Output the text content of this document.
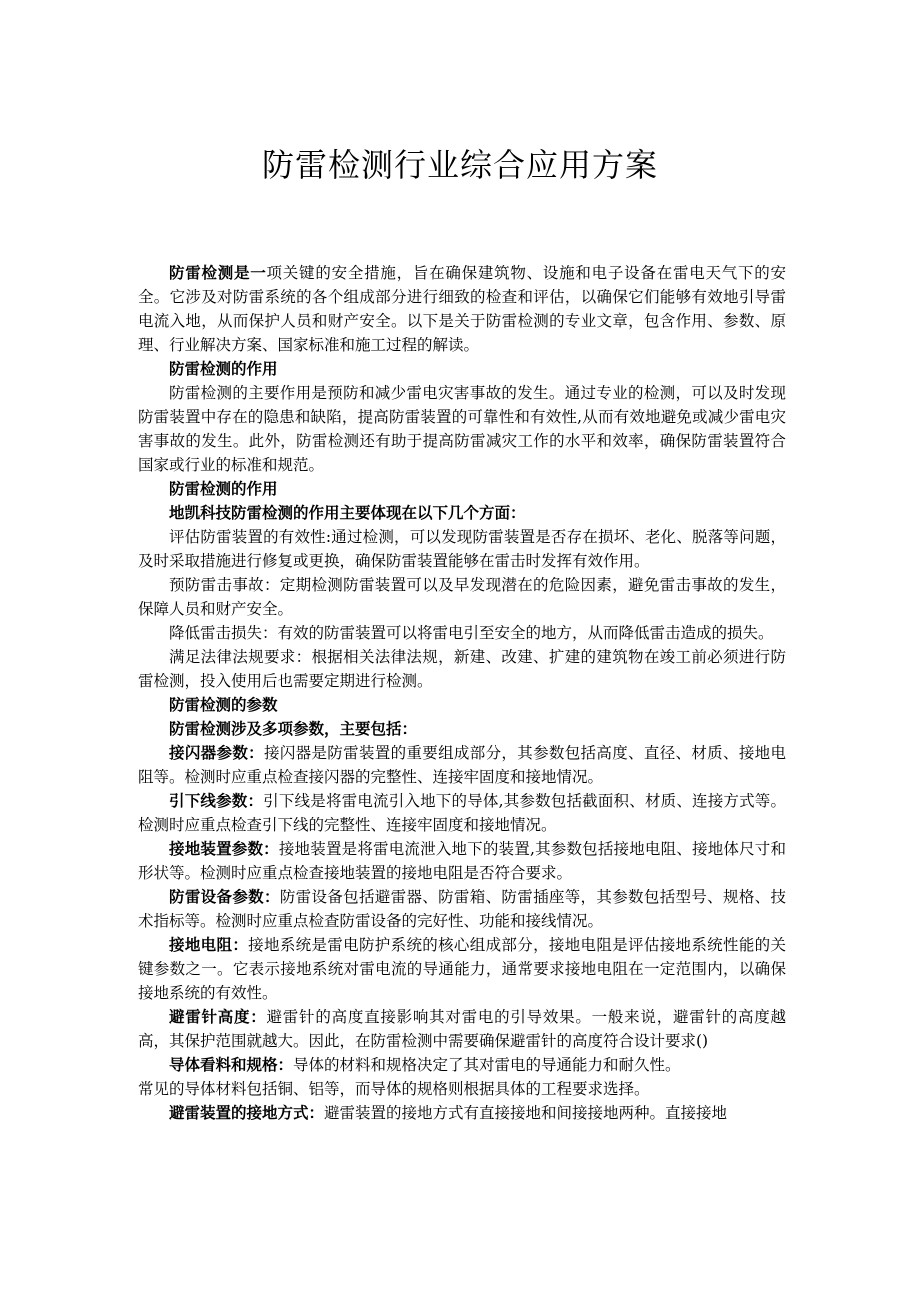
防雷检测行业综合应用方案

防雷检测是一项关键的安全措施，旨在确保建筑物、设施和电子设备在雷电天气下的安全。它涉及对防雷系统的各个组成部分进行细致的检查和评估，以确保它们能够有效地引导雷电流入地，从而保护人员和财产安全。以下是关于防雷检测的专业文章，包含作用、参数、原理、行业解决方案、国家标准和施工过程的解读。

防雷检测的作用

防雷检测的主要作用是预防和减少雷电灾害事故的发生。通过专业的检测，可以及时发现防雷装置中存在的隐患和缺陷，提高防雷装置的可靠性和有效性,从而有效地避免或减少雷电灾害事故的发生。此外，防雷检测还有助于提高防雷减灾工作的水平和效率，确保防雷装置符合国家或行业的标准和规范。

防雷检测的作用

地凯科技防雷检测的作用主要体现在以下几个方面：

评估防雷装置的有效性:通过检测，可以发现防雷装置是否存在损坏、老化、脱落等问题，及时采取措施进行修复或更换，确保防雷装置能够在雷击时发挥有效作用。

预防雷击事故：定期检测防雷装置可以及早发现潜在的危险因素，避免雷击事故的发生，保障人员和财产安全。

降低雷击损失：有效的防雷装置可以将雷电引至安全的地方，从而降低雷击造成的损失。

满足法律法规要求：根据相关法律法规，新建、改建、扩建的建筑物在竣工前必须进行防雷检测，投入使用后也需要定期进行检测。

防雷检测的参数

防雷检测涉及多项参数，主要包括：

接闪器参数：接闪器是防雷装置的重要组成部分，其参数包括高度、直径、材质、接地电阻等。检测时应重点检查接闪器的完整性、连接牢固度和接地情况。

引下线参数：引下线是将雷电流引入地下的导体,其参数包括截面积、材质、连接方式等。检测时应重点检查引下线的完整性、连接牢固度和接地情况。

接地装置参数：接地装置是将雷电流泄入地下的装置,其参数包括接地电阻、接地体尺寸和形状等。检测时应重点检查接地装置的接地电阻是否符合要求。

防雷设备参数：防雷设备包括避雷器、防雷箱、防雷插座等，其参数包括型号、规格、技术指标等。检测时应重点检查防雷设备的完好性、功能和接线情况。

接地电阻：接地系统是雷电防护系统的核心组成部分，接地电阻是评估接地系统性能的关键参数之一。它表示接地系统对雷电流的导通能力，通常要求接地电阻在一定范围内，以确保接地系统的有效性。

避雷针高度：避雷针的高度直接影响其对雷电的引导效果。一般来说，避雷针的高度越高，其保护范围就越大。因此，在防雷检测中需要确保避雷针的高度符合设计要求()

导体看料和规格：导体的材料和规格决定了其对雷电的导通能力和耐久性。

常见的导体材料包括铜、铝等，而导体的规格则根据具体的工程要求选择。

避雷装置的接地方式：避雷装置的接地方式有直接接地和间接接地两种。直接接地
